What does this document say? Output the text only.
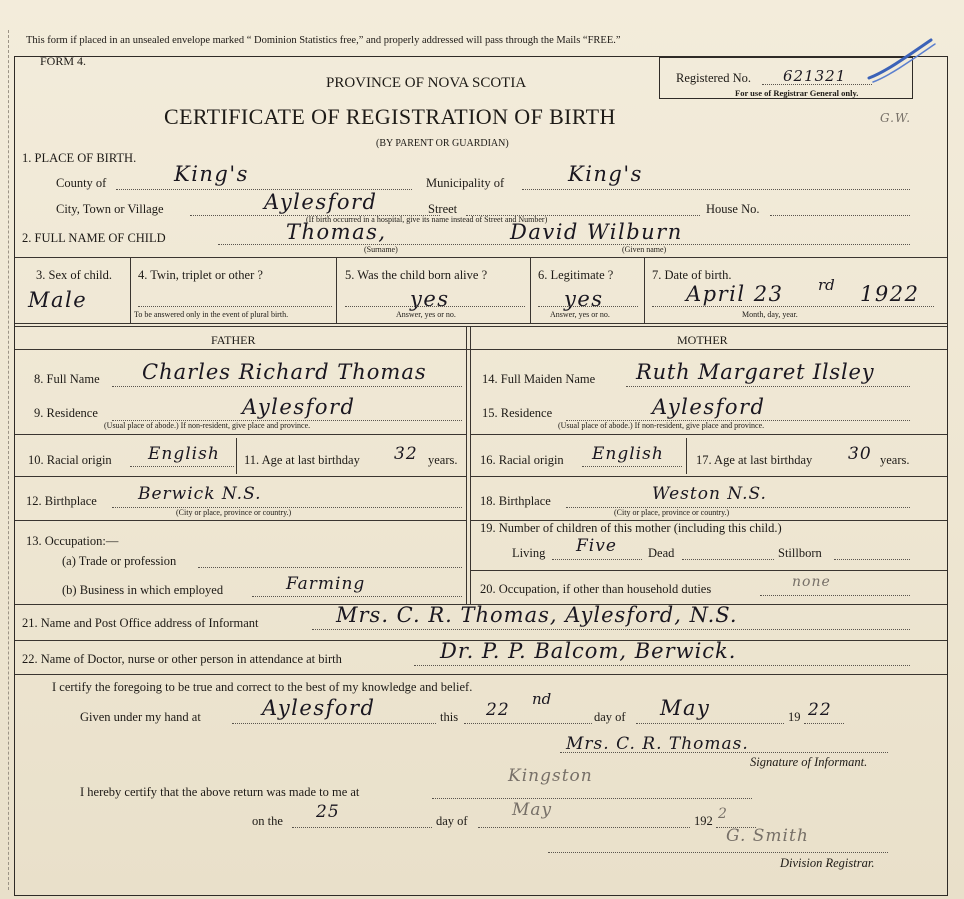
This form if placed in an unsealed envelope marked “ Dominion Statistics free,” and properly addressed will pass through the Mails “FREE.”
FORM 4.
PROVINCE OF NOVA SCOTIA
CERTIFICATE OF REGISTRATION OF BIRTH
(BY PARENT OR GUARDIAN)
Registered No. 621321
For use of Registrar General only.
G.W.
1. PLACE OF BIRTH.
County of	King's	Municipality of	King's
City, Town or Village	Aylesford	Street	House No.
(If birth occurred in a hospital, give its name instead of Street and Number)
2. FULL NAME OF CHILD	Thomas,	David Wilburn
(Surname)	(Given name)
3. Sex of child.
Male
4. Twin, triplet or other ?
To be answered only in the event of plural birth.
5. Was the child born alive ?
yes
Answer, yes or no.
6. Legitimate ?
yes
Answer, yes or no.
7. Date of birth.
April 23 rd 1922
Month, day, year.
FATHER	MOTHER
8. Full Name Charles Richard Thomas
9. Residence	Aylesford
(Usual place of abode.) If non-resident, give place and province.
10. Racial origin English 11. Age at last birthday 32 years.
12. Birthplace Berwick N.S.
(City or place, province or country.)
13. Occupation:—
(a) Trade or profession
(b) Business in which employed	Farming
14. Full Maiden Name Ruth Margaret Ilsley
15. Residence	Aylesford
(Usual place of abode.) If non-resident, give place and province.
16. Racial origin English	17. Age at last birthday 30 years.
18. Birthplace	Weston N.S.
(City or place, province or country.)
19. Number of children of this mother (including this child.)
Living Five Dead	Stillborn
20. Occupation, if other than household duties	none
21. Name and Post Office address of Informant	Mrs. C. R. Thomas, Aylesford, N.S.
22. Name of Doctor, nurse or other person in attendance at birth	Dr. P. P. Balcom, Berwick.
I certify the foregoing to be true and correct to the best of my knowledge and belief.
Given under my hand at	Aylesford	this 22
nd
day of May	19 22
Mrs. C. R. Thomas.
Signature of Informant.
I hereby certify that the above return was made to me at
Kingston
on the 25	day of
May
192 2
G. Smith
Division Registrar.
